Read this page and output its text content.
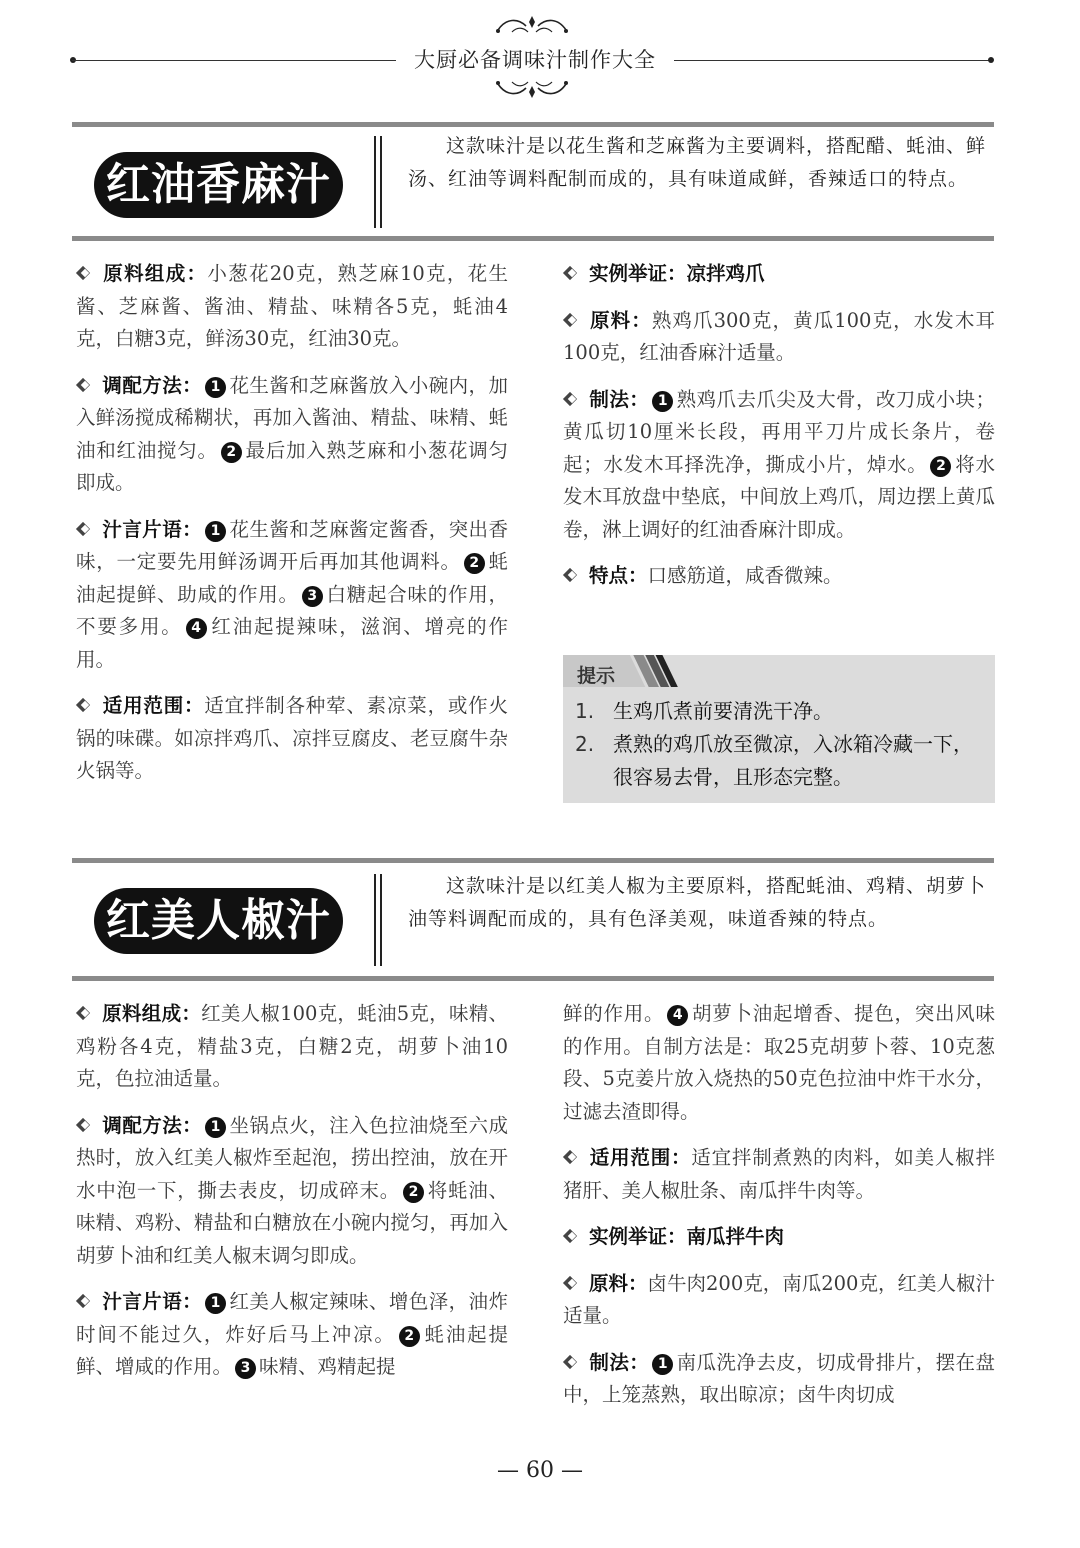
大厨必备调味汁制作大全
红油香麻汁
这款味汁是以花生酱和芝麻酱为主要调料，搭配醋、蚝油、鲜汤、红油等调料配制而成的，具有味道咸鲜，香辣适口的特点。

原料组成：小葱花20克，熟芝麻10克，花生酱、芝麻酱、酱油、精盐、味精各5克，蚝油4克，白糖3克，鲜汤30克，红油30克。

调配方法： 1 花生酱和芝麻酱放入小碗内，加入鲜汤搅成稀糊状，再加入酱油、精盐、味精、蚝油和红油搅匀。 2 最后加入熟芝麻和小葱花调匀即成。

汁言片语： 1 花生酱和芝麻酱定酱香，突出香味，一定要先用鲜汤调开后再加其他调料。 2 蚝油起提鲜、助咸的作用。 3 白糖起合味的作用，不要多用。 4 红油起提辣味，滋润、增亮的作用。

适用范围：适宜拌制各种荤、素凉菜，或作火锅的味碟。如凉拌鸡爪、凉拌豆腐皮、老豆腐牛杂火锅等。

实例举证：凉拌鸡爪

原料：熟鸡爪300克，黄瓜100克，水发木耳100克，红油香麻汁适量。

制法： 1 熟鸡爪去爪尖及大骨，改刀成小块；黄瓜切10厘米长段，再用平刀片成长条片，卷起；水发木耳择洗净，撕成小片，焯水。 2 将水发木耳放盘中垫底，中间放上鸡爪，周边摆上黄瓜卷，淋上调好的红油香麻汁即成。

特点：口感筋道，咸香微辣。

提示
1. 生鸡爪煮前要清洗干净。
2. 煮熟的鸡爪放至微凉，入冰箱冷藏一下，很容易去骨，且形态完整。
红美人椒汁
这款味汁是以红美人椒为主要原料，搭配蚝油、鸡精、胡萝卜油等料调配而成的，具有色泽美观，味道香辣的特点。

原料组成：红美人椒100克，蚝油5克，味精、鸡粉各4克，精盐3克，白糖2克，胡萝卜油10克，色拉油适量。

调配方法： 1 坐锅点火，注入色拉油烧至六成热时，放入红美人椒炸至起泡，捞出控油，放在开水中泡一下，撕去表皮，切成碎末。 2 将蚝油、味精、鸡粉、精盐和白糖放在小碗内搅匀，再加入胡萝卜油和红美人椒末调匀即成。

汁言片语： 1 红美人椒定辣味、增色泽，油炸时间不能过久，炸好后马上冲凉。 2 蚝油起提鲜、增咸的作用。 3 味精、鸡精起提

鲜的作用。 4 胡萝卜油起增香、提色，突出风味的作用。自制方法是：取25克胡萝卜蓉、10克葱段、5克姜片放入烧热的50克色拉油中炸干水分，过滤去渣即得。

适用范围：适宜拌制煮熟的肉料，如美人椒拌猪肝、美人椒肚条、南瓜拌牛肉等。

实例举证：南瓜拌牛肉

原料：卤牛肉200克，南瓜200克，红美人椒汁适量。

制法： 1 南瓜洗净去皮，切成骨排片，摆在盘中，上笼蒸熟，取出晾凉；卤牛肉切成

— 60 —
